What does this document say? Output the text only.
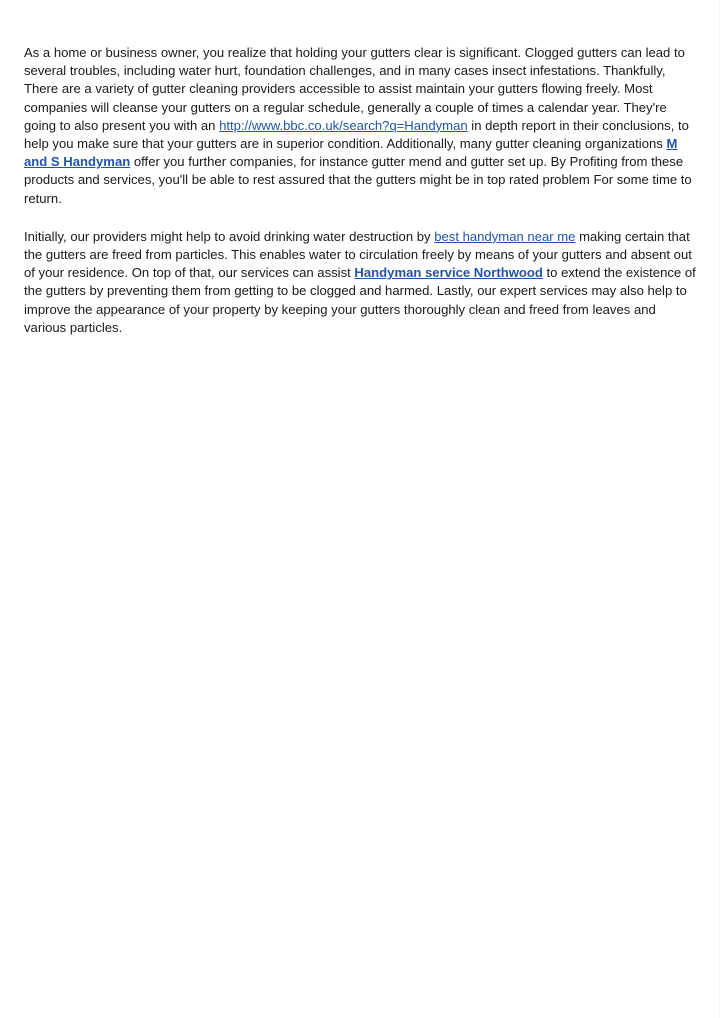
As a home or business owner, you realize that holding your gutters clear is significant. Clogged gutters can lead to several troubles, including water hurt, foundation challenges, and in many cases insect infestations. Thankfully, There are a variety of gutter cleaning providers accessible to assist maintain your gutters flowing freely. Most companies will cleanse your gutters on a regular schedule, generally a couple of times a calendar year. They're going to also present you with an http://www.bbc.co.uk/search?q=Handyman in depth report in their conclusions, to help you make sure that your gutters are in superior condition. Additionally, many gutter cleaning organizations M and S Handyman offer you further companies, for instance gutter mend and gutter set up. By Profiting from these products and services, you'll be able to rest assured that the gutters might be in top rated problem For some time to return.

Initially, our providers might help to avoid drinking water destruction by best handyman near me making certain that the gutters are freed from particles. This enables water to circulation freely by means of your gutters and absent out of your residence. On top of that, our services can assist Handyman service Northwood to extend the existence of the gutters by preventing them from getting to be clogged and harmed. Lastly, our expert services may also help to improve the appearance of your property by keeping your gutters thoroughly clean and freed from leaves and various particles.
